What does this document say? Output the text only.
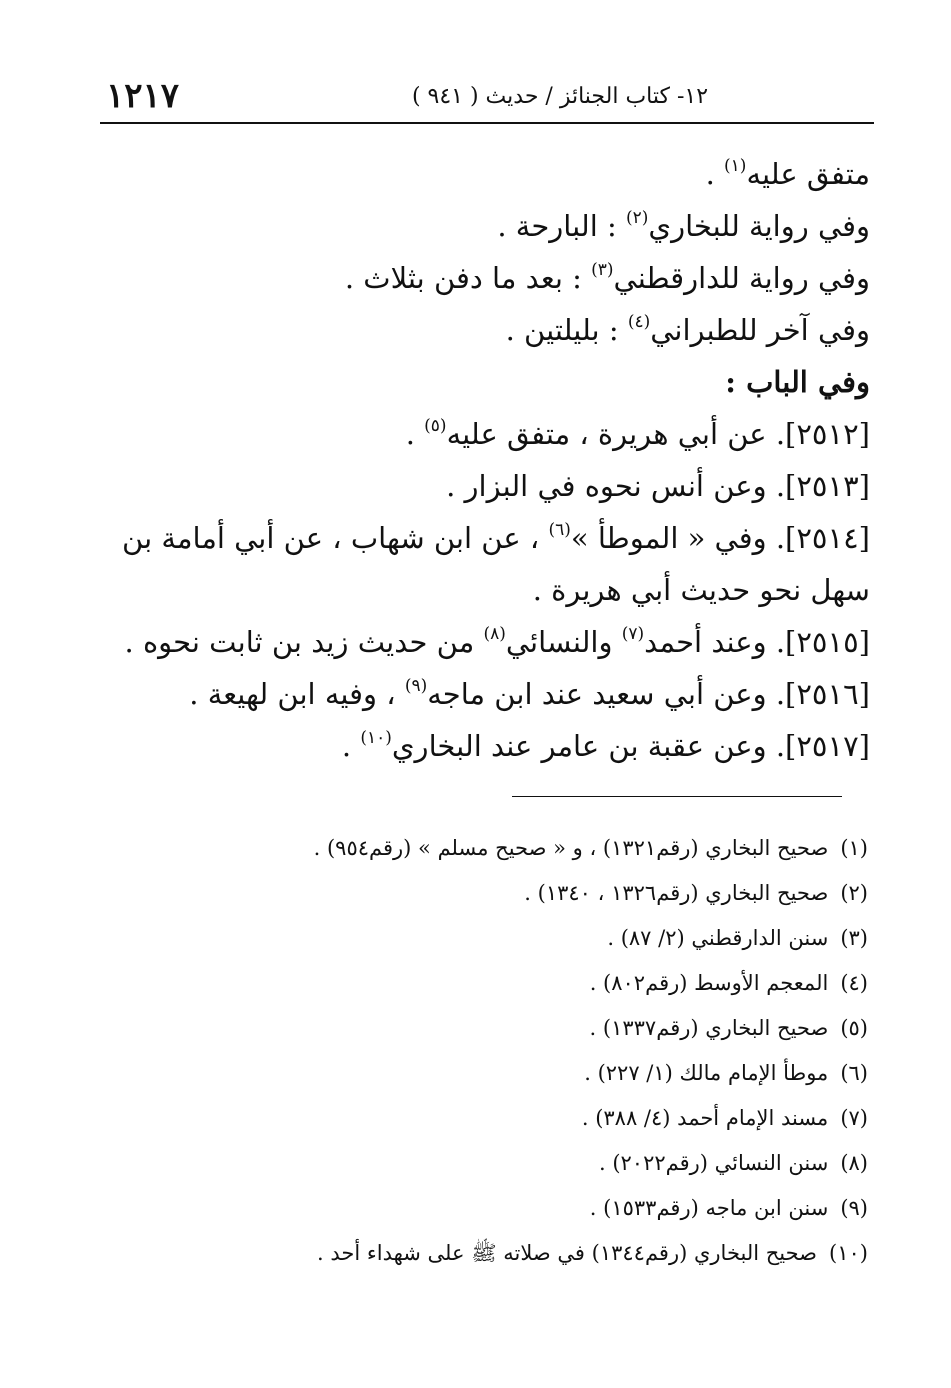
١٢١٧	١٢- كتاب الجنائز / حديث ( ٩٤١ )
متفق عليه$^{(١)}$ .
وفي رواية للبخاري$^{(٢)}$ : البارحة .
وفي رواية للدارقطني$^{(٣)}$ : بعد ما دفن بثلاث .
وفي آخر للطبراني$^{(٤)}$ : بليلتين .
وفي الباب :
[٢٥١٢]. عن أبي هريرة ، متفق عليه$^{(٥)}$ .
[٢٥١٣]. وعن أنس نحوه في البزار .
[٢٥١٤]. وفي « الموطأ »$^{(٦)}$ ، عن ابن شهاب ، عن أبي أمامة بن سهل نحو حديث أبي هريرة .
[٢٥١٥]. وعند أحمد$^{(٧)}$ والنسائي$^{(٨)}$ من حديث زيد بن ثابت نحوه .
[٢٥١٦]. وعن أبي سعيد عند ابن ماجه$^{(٩)}$ ، وفيه ابن لهيعة .
[٢٥١٧]. وعن عقبة بن عامر عند البخاري$^{(١٠)}$ .
(١)صحيح البخاري (رقم١٣٢١) ، و « صحيح مسلم » (رقم٩٥٤) .
(٢)صحيح البخاري (رقم١٣٢٦ ، ١٣٤٠) .
(٣)سنن الدارقطني (٢/ ٨٧) .
(٤)المعجم الأوسط (رقم٨٠٢) .
(٥)صحيح البخاري (رقم١٣٣٧) .
(٦)موطأ الإمام مالك (١/ ٢٢٧) .
(٧)مسند الإمام أحمد (٤/ ٣٨٨) .
(٨)سنن النسائي (رقم٢٠٢٢) .
(٩)سنن ابن ماجه (رقم١٥٣٣) .
(١٠)صحيح البخاري (رقم١٣٤٤) في صلاته ﷺ على شهداء أحد .
